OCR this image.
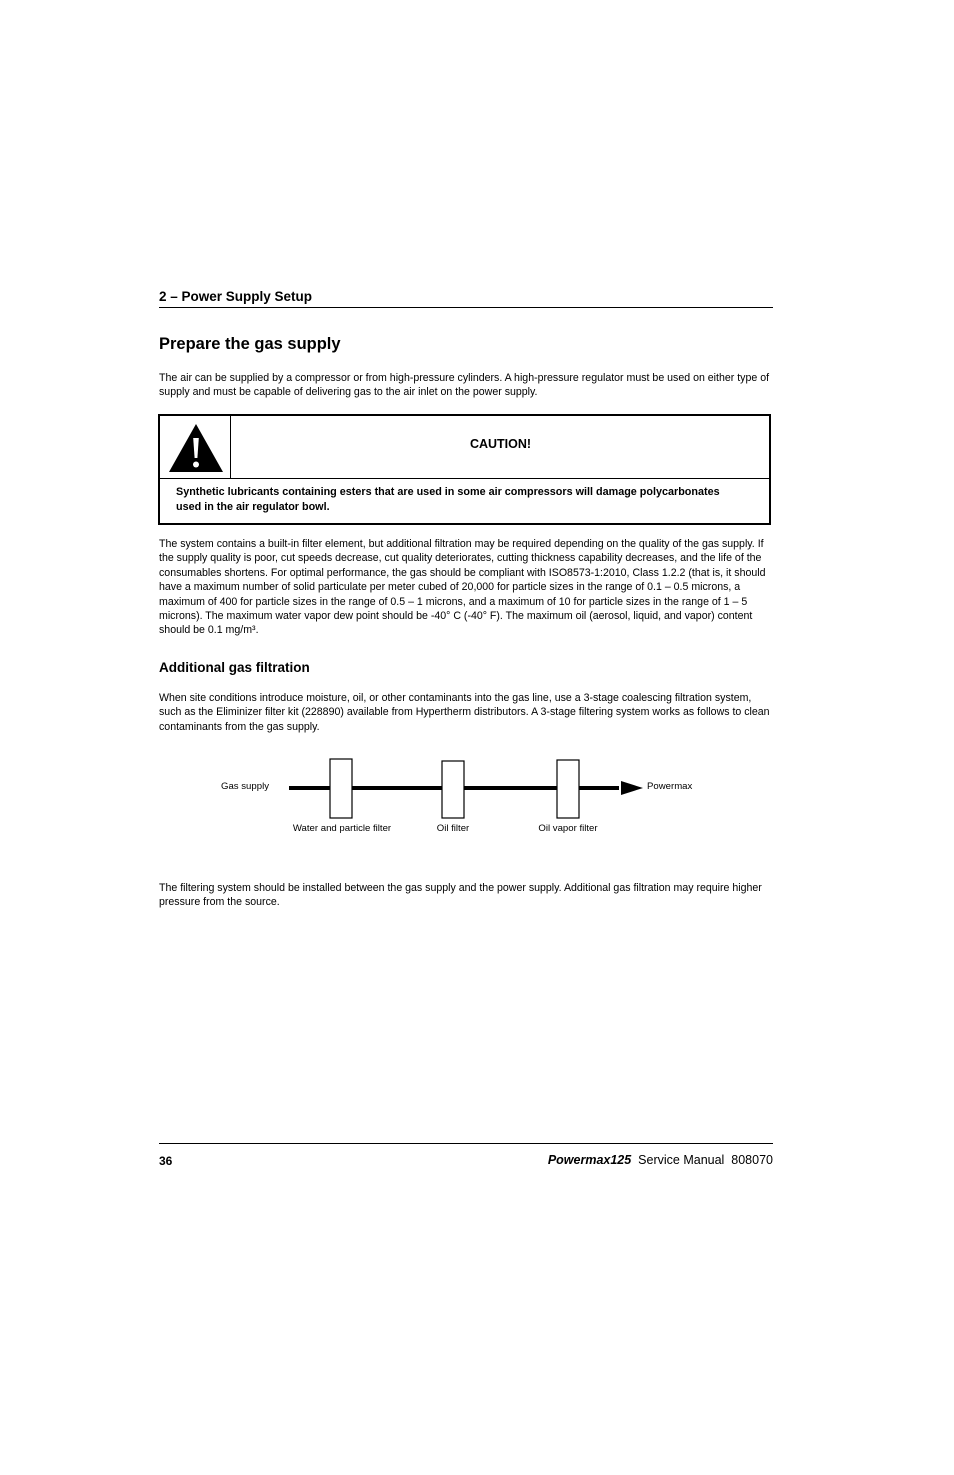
2 – Power Supply Setup
Prepare the gas supply
The air can be supplied by a compressor or from high-pressure cylinders. A high-pressure regulator must be used on either type of supply and must be capable of delivering gas to the air inlet on the power supply.
CAUTION!
Synthetic lubricants containing esters that are used in some air compressors will damage polycarbonates used in the air regulator bowl.
The system contains a built-in filter element, but additional filtration may be required depending on the quality of the gas supply. If the supply quality is poor, cut speeds decrease, cut quality deteriorates, cutting thickness capability decreases, and the life of the consumables shortens. For optimal performance, the gas should be compliant with ISO8573-1:2010, Class 1.2.2 (that is, it should have a maximum number of solid particulate per meter cubed of 20,000 for particle sizes in the range of 0.1 – 0.5 microns, a maximum of 400 for particle sizes in the range of 0.5 – 1 microns, and a maximum of 10 for particle sizes in the range of 1 – 5 microns). The maximum water vapor dew point should be -40° C (-40° F). The maximum oil (aerosol, liquid, and vapor) content should be 0.1 mg/m³.
Additional gas filtration
When site conditions introduce moisture, oil, or other contaminants into the gas line, use a 3-stage coalescing filtration system, such as the Eliminizer filter kit (228890) available from Hypertherm distributors. A 3-stage filtering system works as follows to clean contaminants from the gas supply.
Gas supply	Powermax
Water and particle filter	Oil filter	Oil vapor filter
The filtering system should be installed between the gas supply and the power supply. Additional gas filtration may require higher pressure from the source.
36	Powermax125 Service Manual 808070
